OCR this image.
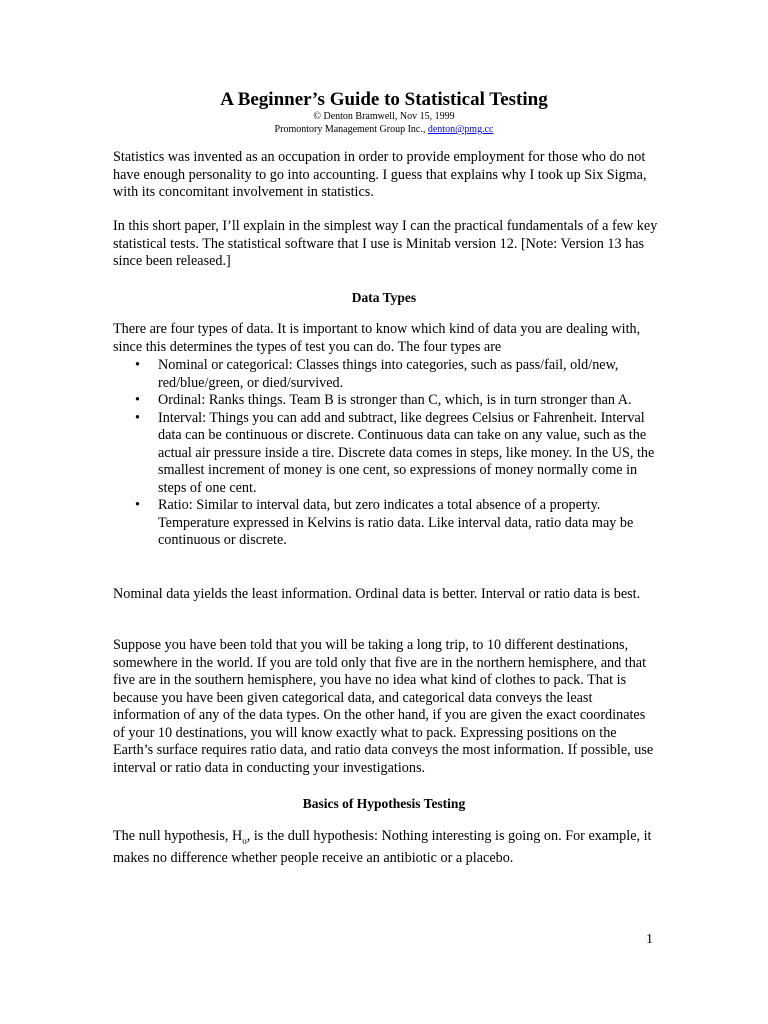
A Beginner’s Guide to Statistical Testing
© Denton Bramwell, Nov 15, 1999
Promontory Management Group Inc., denton@pmg.cc

Statistics was invented as an occupation in order to provide employment for those who do not have enough personality to go into accounting. I guess that explains why I took up Six Sigma, with its concomitant involvement in statistics.

In this short paper, I’ll explain in the simplest way I can the practical fundamentals of a few key statistical tests. The statistical software that I use is Minitab version 12. [Note: Version 13 has since been released.]

Data Types

There are four types of data. It is important to know which kind of data you are dealing with, since this determines the types of test you can do. The four types are

• Nominal or categorical: Classes things into categories, such as pass/fail, old/new, red/blue/green, or died/survived.
• Ordinal: Ranks things. Team B is stronger than C, which, is in turn stronger than A.
• Interval: Things you can add and subtract, like degrees Celsius or Fahrenheit. Interval data can be continuous or discrete. Continuous data can take on any value, such as the actual air pressure inside a tire. Discrete data comes in steps, like money. In the US, the smallest increment of money is one cent, so expressions of money normally come in steps of one cent.
• Ratio: Similar to interval data, but zero indicates a total absence of a property. Temperature expressed in Kelvins is ratio data. Like interval data, ratio data may be continuous or discrete.

Nominal data yields the least information. Ordinal data is better. Interval or ratio data is best.

Suppose you have been told that you will be taking a long trip, to 10 different destinations, somewhere in the world. If you are told only that five are in the northern hemisphere, and that five are in the southern hemisphere, you have no idea what kind of clothes to pack. That is because you have been given categorical data, and categorical data conveys the least information of any of the data types. On the other hand, if you are given the exact coordinates of your 10 destinations, you will know exactly what to pack. Expressing positions on the Earth’s surface requires ratio data, and ratio data conveys the most information. If possible, use interval or ratio data in conducting your investigations.

Basics of Hypothesis Testing

The null hypothesis, $H_o$, is the dull hypothesis: Nothing interesting is going on. For example, it makes no difference whether people receive an antibiotic or a placebo.

1
